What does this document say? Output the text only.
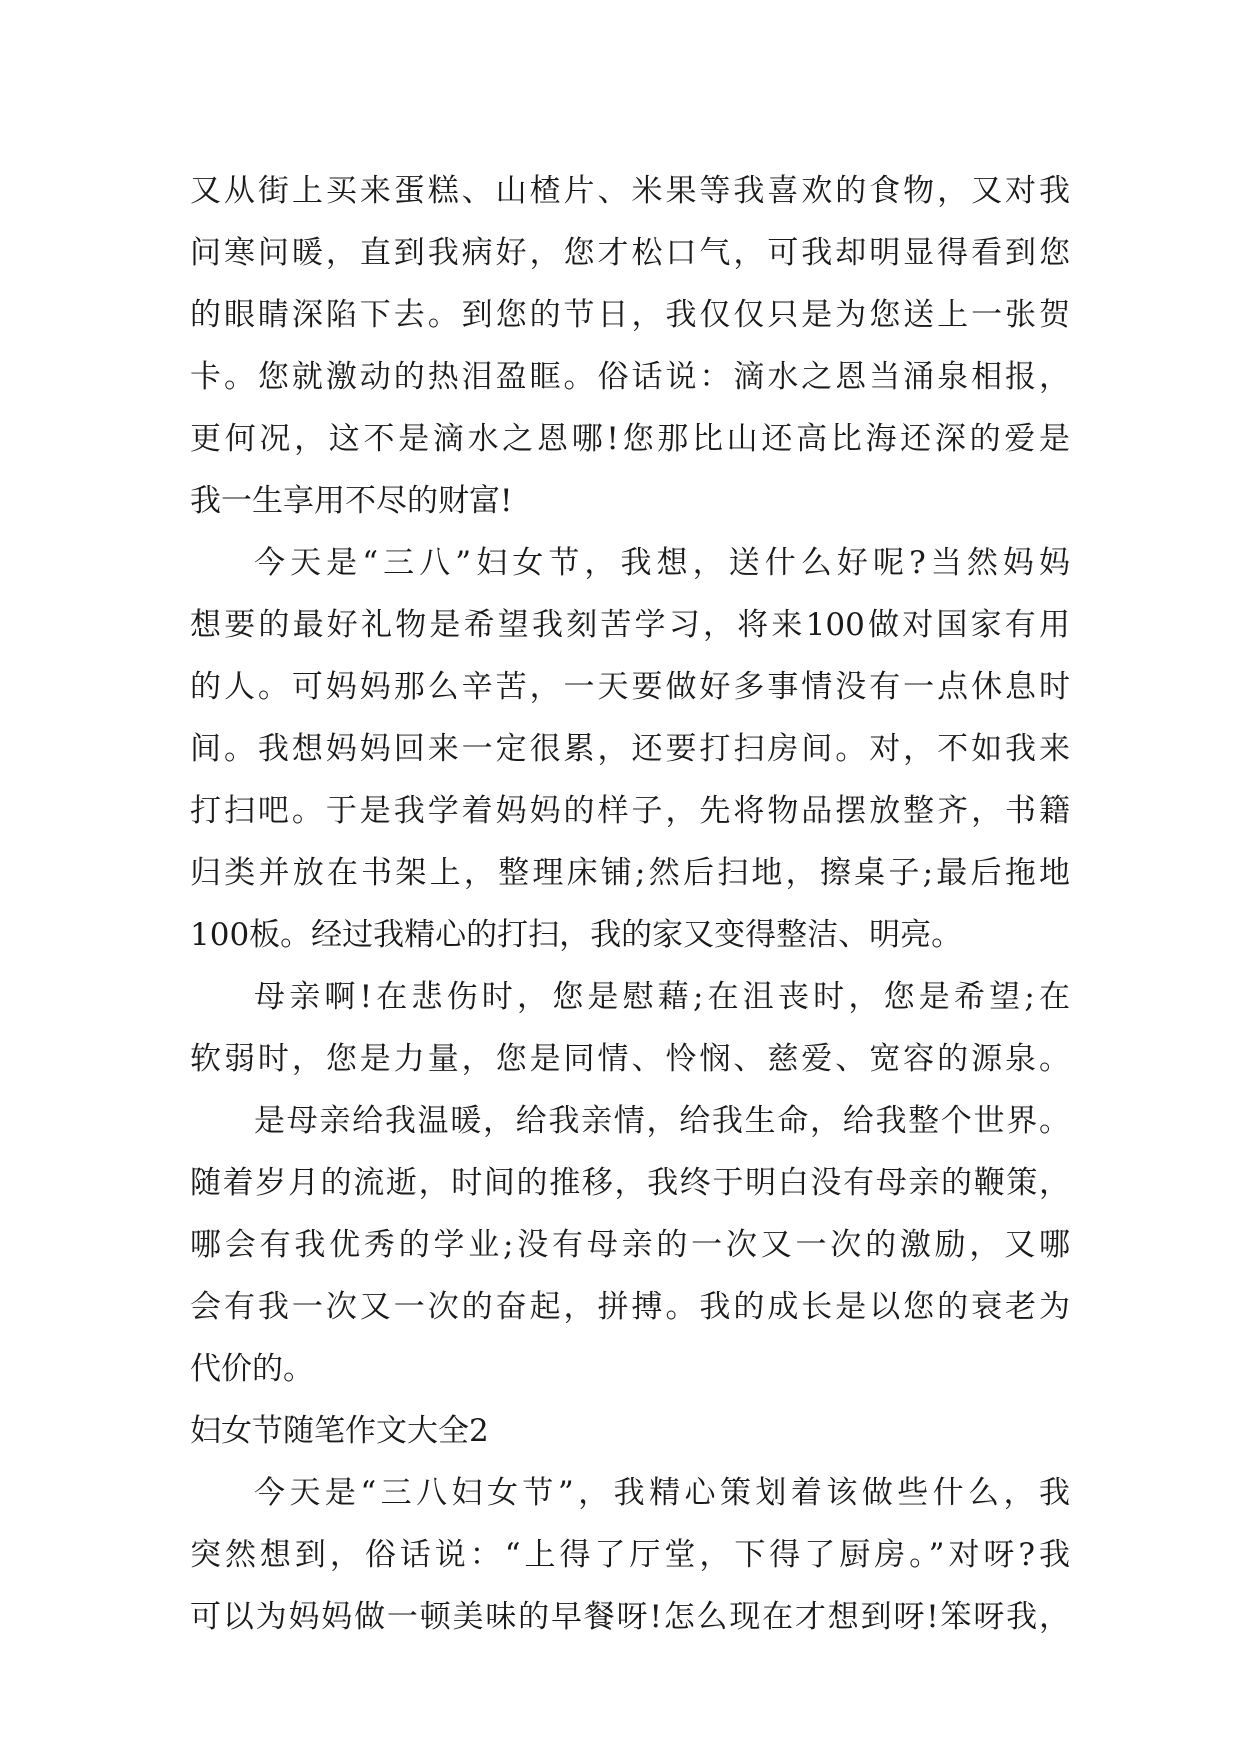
又从街上买来蛋糕、山楂片、米果等我喜欢的食物，又对我
问寒问暖，直到我病好，您才松口气，可我却明显得看到您
的眼睛深陷下去。到您的节日，我仅仅只是为您送上一张贺
卡。您就激动的热泪盈眶。俗话说：滴水之恩当涌泉相报，
更何况，这不是滴水之恩哪!您那比山还高比海还深的爱是
我一生享用不尽的财富!
今天是“三八”妇女节，我想，送什么好呢?当然妈妈
想要的最好礼物是希望我刻苦学习，将来100做对国家有用
的人。可妈妈那么辛苦，一天要做好多事情没有一点休息时
间。我想妈妈回来一定很累，还要打扫房间。对，不如我来
打扫吧。于是我学着妈妈的样子，先将物品摆放整齐，书籍
归类并放在书架上，整理床铺;然后扫地，擦桌子;最后拖地
100板。经过我精心的打扫，我的家又变得整洁、明亮。
母亲啊!在悲伤时，您是慰藉;在沮丧时，您是希望;在
软弱时，您是力量，您是同情、怜悯、慈爱、宽容的源泉。
是母亲给我温暖，给我亲情，给我生命，给我整个世界。
随着岁月的流逝，时间的推移，我终于明白没有母亲的鞭策，
哪会有我优秀的学业;没有母亲的一次又一次的激励，又哪
会有我一次又一次的奋起，拼搏。我的成长是以您的衰老为
代价的。
妇女节随笔作文大全2
今天是“三八妇女节”，我精心策划着该做些什么，我
突然想到，俗话说：“上得了厅堂，下得了厨房。”对呀?我
可以为妈妈做一顿美味的早餐呀!怎么现在才想到呀!笨呀我，
